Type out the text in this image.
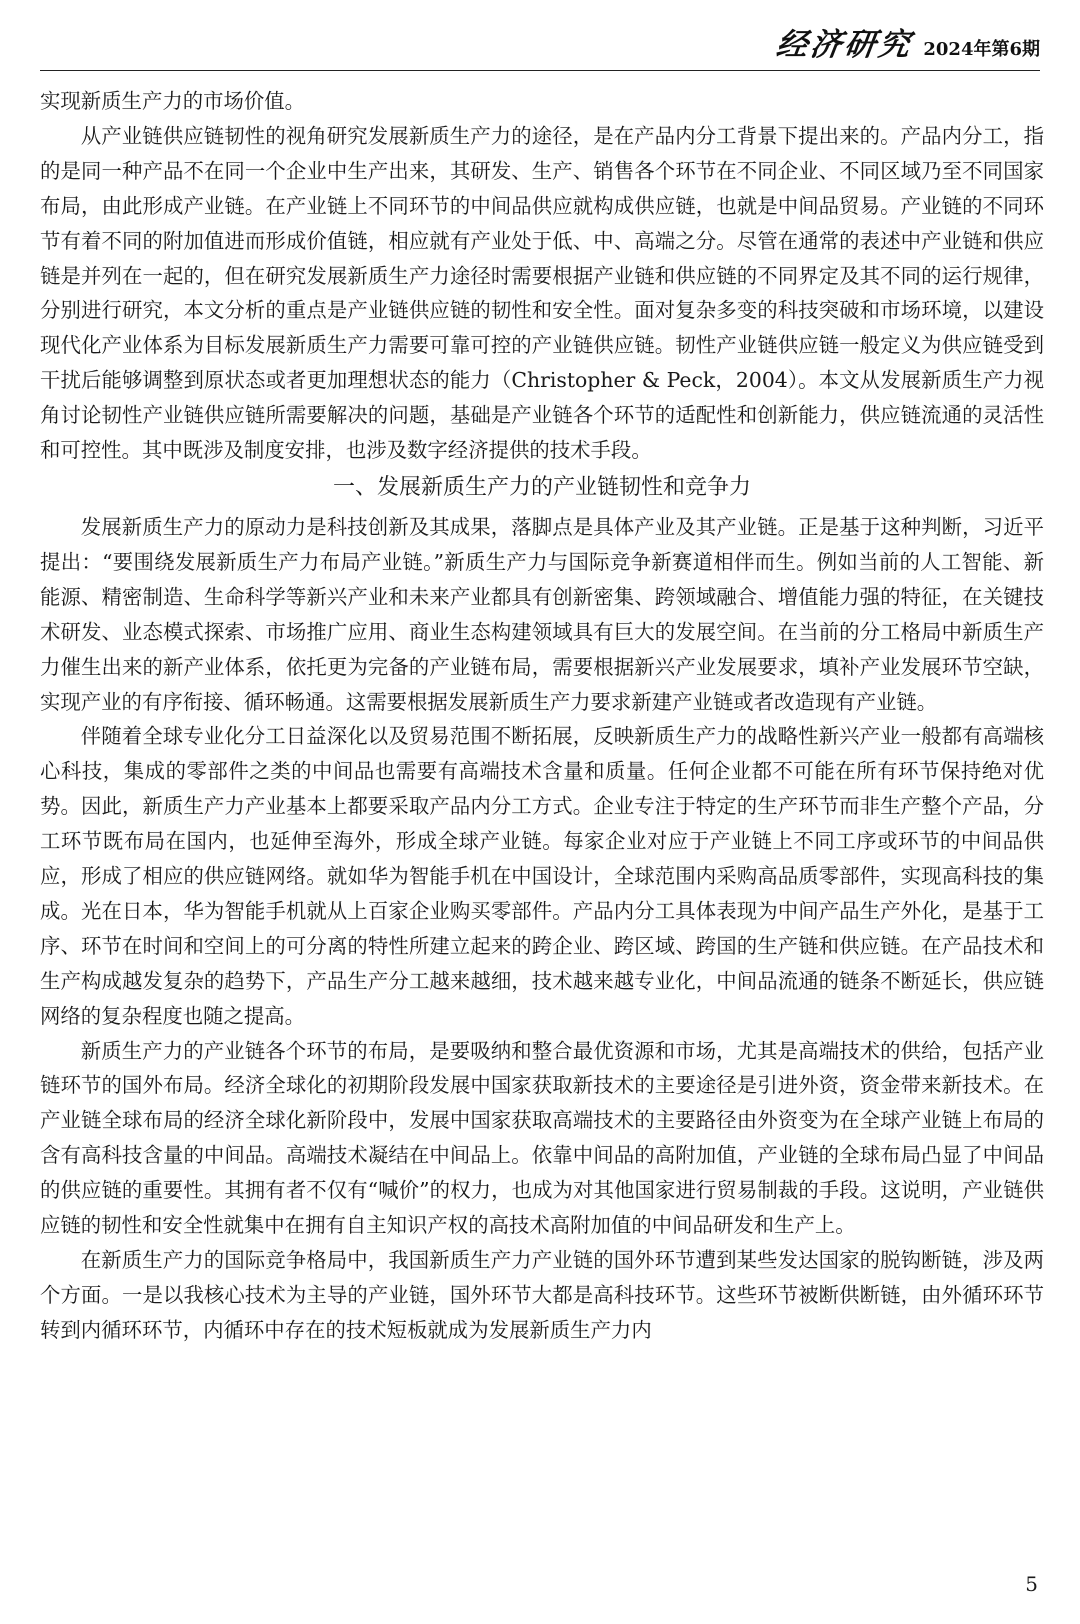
经济研究 2024年第6期

实现新质生产力的市场价值。

从产业链供应链韧性的视角研究发展新质生产力的途径，是在产品内分工背景下提出来的。产品内分工，指的是同一种产品不在同一个企业中生产出来，其研发、生产、销售各个环节在不同企业、不同区域乃至不同国家布局，由此形成产业链。在产业链上不同环节的中间品供应就构成供应链，也就是中间品贸易。产业链的不同环节有着不同的附加值进而形成价值链，相应就有产业处于低、中、高端之分。尽管在通常的表述中产业链和供应链是并列在一起的，但在研究发展新质生产力途径时需要根据产业链和供应链的不同界定及其不同的运行规律，分别进行研究，本文分析的重点是产业链供应链的韧性和安全性。面对复杂多变的科技突破和市场环境，以建设现代化产业体系为目标发展新质生产力需要可靠可控的产业链供应链。韧性产业链供应链一般定义为供应链受到干扰后能够调整到原状态或者更加理想状态的能力（Christopher & Peck，2004）。本文从发展新质生产力视角讨论韧性产业链供应链所需要解决的问题，基础是产业链各个环节的适配性和创新能力，供应链流通的灵活性和可控性。其中既涉及制度安排，也涉及数字经济提供的技术手段。

一、发展新质生产力的产业链韧性和竞争力

发展新质生产力的原动力是科技创新及其成果，落脚点是具体产业及其产业链。正是基于这种判断，习近平提出：“要围绕发展新质生产力布局产业链。”新质生产力与国际竞争新赛道相伴而生。例如当前的人工智能、新能源、精密制造、生命科学等新兴产业和未来产业都具有创新密集、跨领域融合、增值能力强的特征，在关键技术研发、业态模式探索、市场推广应用、商业生态构建领域具有巨大的发展空间。在当前的分工格局中新质生产力催生出来的新产业体系，依托更为完备的产业链布局，需要根据新兴产业发展要求，填补产业发展环节空缺，实现产业的有序衔接、循环畅通。这需要根据发展新质生产力要求新建产业链或者改造现有产业链。

伴随着全球专业化分工日益深化以及贸易范围不断拓展，反映新质生产力的战略性新兴产业一般都有高端核心科技，集成的零部件之类的中间品也需要有高端技术含量和质量。任何企业都不可能在所有环节保持绝对优势。因此，新质生产力产业基本上都要采取产品内分工方式。企业专注于特定的生产环节而非生产整个产品，分工环节既布局在国内，也延伸至海外，形成全球产业链。每家企业对应于产业链上不同工序或环节的中间品供应，形成了相应的供应链网络。就如华为智能手机在中国设计，全球范围内采购高品质零部件，实现高科技的集成。光在日本，华为智能手机就从上百家企业购买零部件。产品内分工具体表现为中间产品生产外化，是基于工序、环节在时间和空间上的可分离的特性所建立起来的跨企业、跨区域、跨国的生产链和供应链。在产品技术和生产构成越发复杂的趋势下，产品生产分工越来越细，技术越来越专业化，中间品流通的链条不断延长，供应链网络的复杂程度也随之提高。

新质生产力的产业链各个环节的布局，是要吸纳和整合最优资源和市场，尤其是高端技术的供给，包括产业链环节的国外布局。经济全球化的初期阶段发展中国家获取新技术的主要途径是引进外资，资金带来新技术。在产业链全球布局的经济全球化新阶段中，发展中国家获取高端技术的主要路径由外资变为在全球产业链上布局的含有高科技含量的中间品。高端技术凝结在中间品上。依靠中间品的高附加值，产业链的全球布局凸显了中间品的供应链的重要性。其拥有者不仅有“喊价”的权力，也成为对其他国家进行贸易制裁的手段。这说明，产业链供应链的韧性和安全性就集中在拥有自主知识产权的高技术高附加值的中间品研发和生产上。

在新质生产力的国际竞争格局中，我国新质生产力产业链的国外环节遭到某些发达国家的脱钩断链，涉及两个方面。一是以我核心技术为主导的产业链，国外环节大都是高科技环节。这些环节被断供断链，由外循环环节转到内循环环节，内循环中存在的技术短板就成为发展新质生产力内

5
